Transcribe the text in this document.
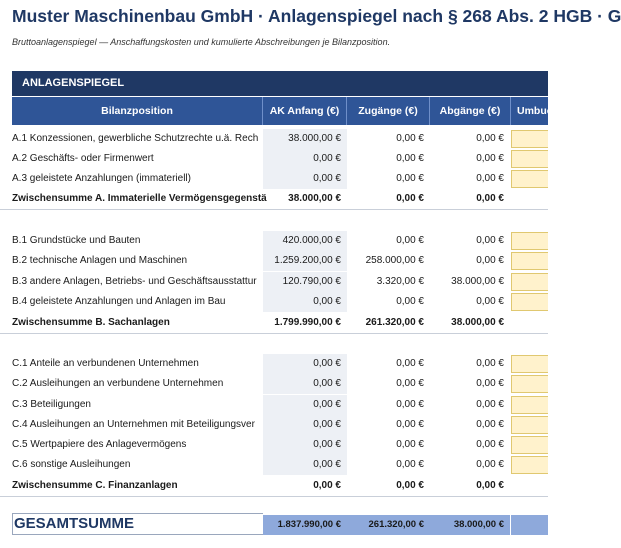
Muster Maschinenbau GmbH · Anlagenspiegel nach § 268 Abs. 2 HGB · G
Bruttoanlagenspiegel — Anschaffungskosten und kumulierte Abschreibungen je Bilanzposition.
ANLAGENSPIEGEL
Bilanzposition	AK Anfang (€)	Zugänge (€)	Abgänge (€)	Umbuc (
A.1 Konzessionen, gewerbliche Schutzrechte u.ä. Rech	38.000,00 €	0,00 €	0,00 €
A.2 Geschäfts- oder Firmenwert	0,00 €	0,00 €	0,00 €
A.3 geleistete Anzahlungen (immateriell)	0,00 €	0,00 €	0,00 €
Zwischensumme A. Immaterielle Vermögensgegenstä	38.000,00 €	0,00 €	0,00 €
B.1 Grundstücke und Bauten	420.000,00 €	0,00 €	0,00 €
B.2 technische Anlagen und Maschinen	1.259.200,00 €	258.000,00 €	0,00 €
B.3 andere Anlagen, Betriebs- und Geschäftsausstattur	120.790,00 €	3.320,00 €	38.000,00 €
B.4 geleistete Anzahlungen und Anlagen im Bau	0,00 €	0,00 €	0,00 €
Zwischensumme B. Sachanlagen	1.799.990,00 €	261.320,00 €	38.000,00 €
C.1 Anteile an verbundenen Unternehmen	0,00 €	0,00 €	0,00 €
C.2 Ausleihungen an verbundene Unternehmen	0,00 €	0,00 €	0,00 €
C.3 Beteiligungen	0,00 €	0,00 €	0,00 €
C.4 Ausleihungen an Unternehmen mit Beteiligungsver	0,00 €	0,00 €	0,00 €
C.5 Wertpapiere des Anlagevermögens	0,00 €	0,00 €	0,00 €
C.6 sonstige Ausleihungen	0,00 €	0,00 €	0,00 €
Zwischensumme C. Finanzanlagen	0,00 €	0,00 €	0,00 €
GESAMTSUMME	1.837.990,00 €	261.320,00 €	38.000,00 €
